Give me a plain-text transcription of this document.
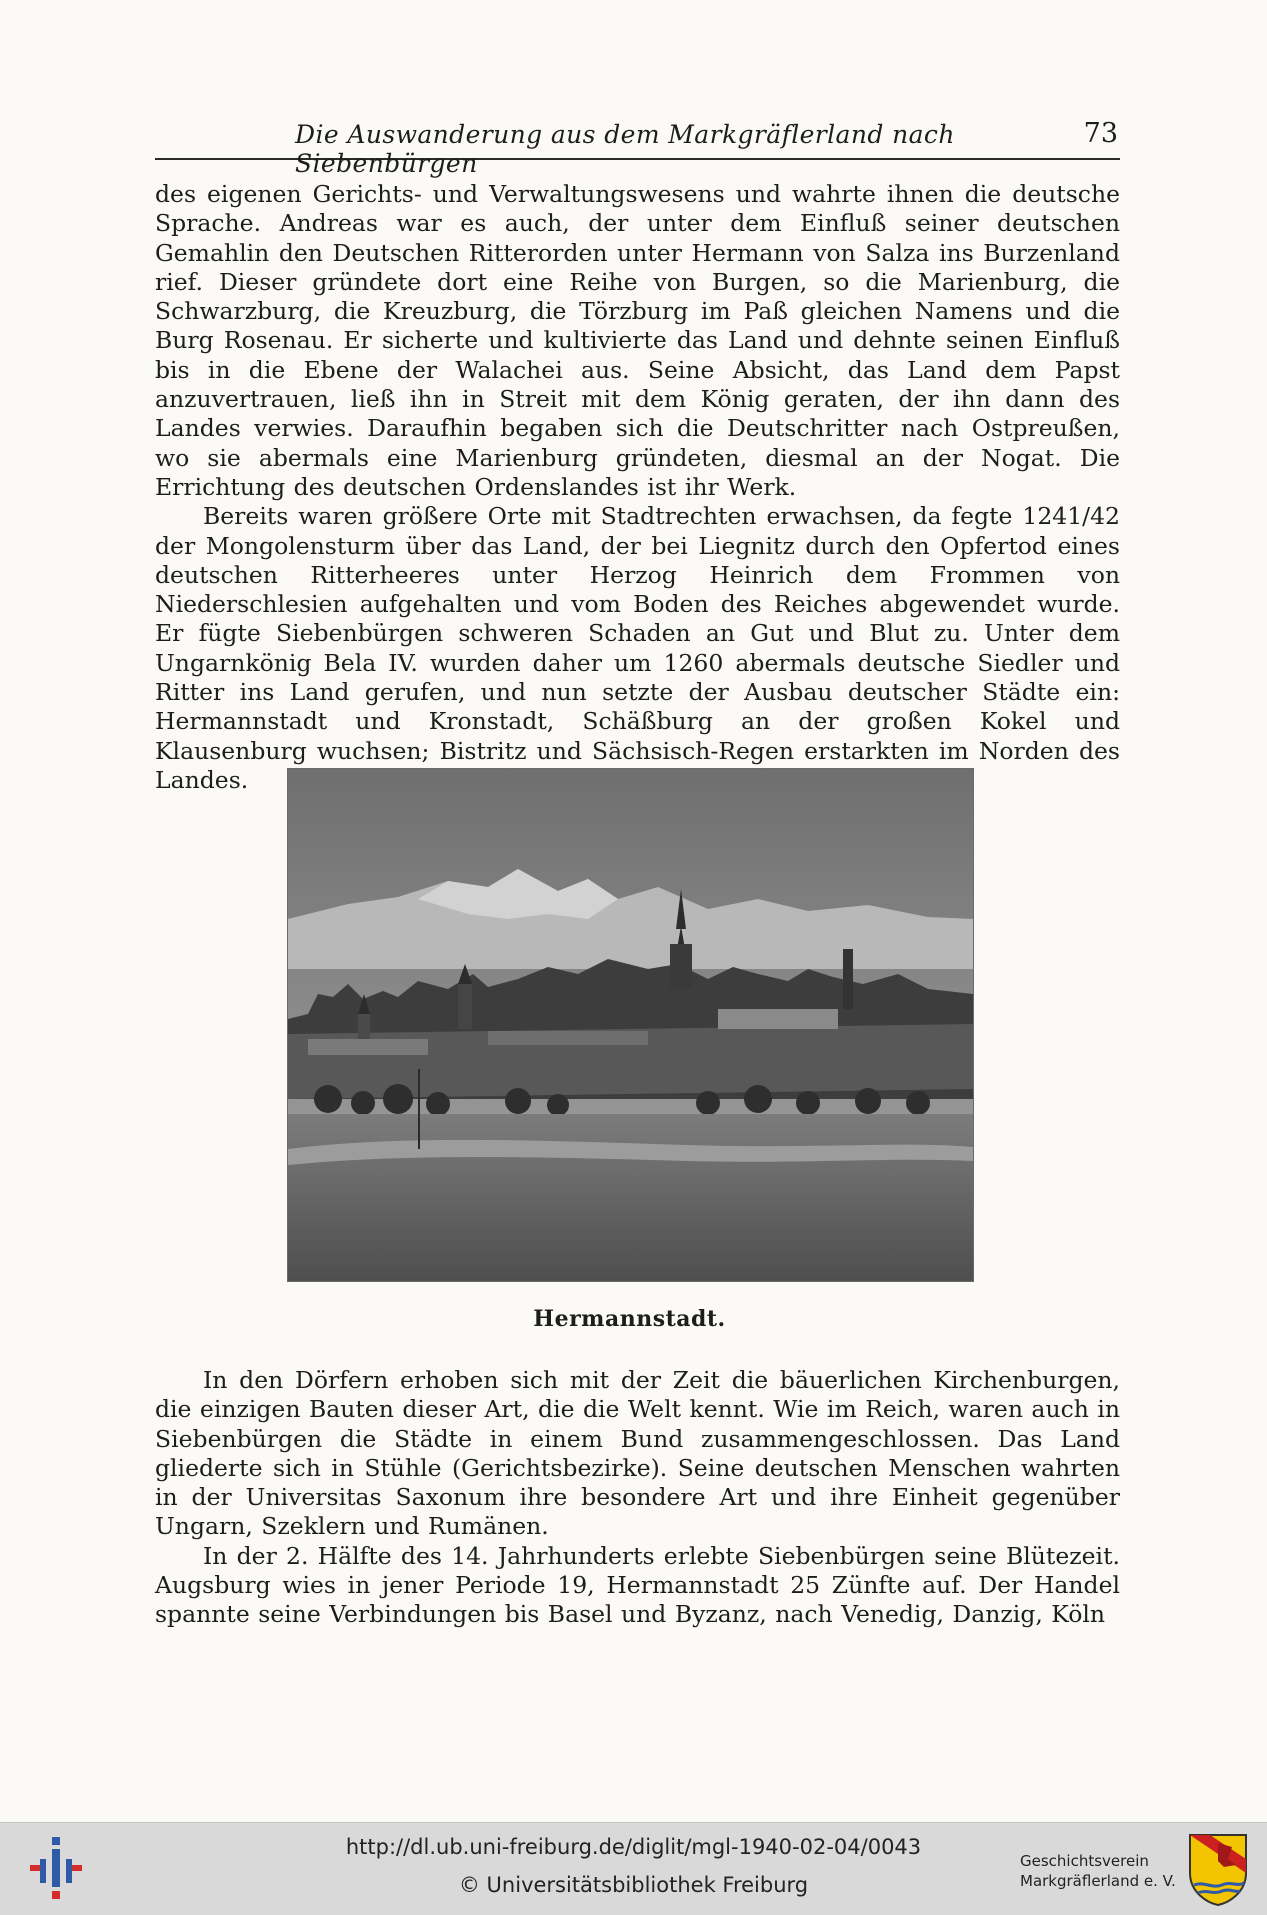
Die Auswanderung aus dem Markgräflerland nach Siebenbürgen
73

des eigenen Gerichts- und Verwaltungswesens und wahrte ihnen die deutsche Sprache. Andreas war es auch, der unter dem Einfluß seiner deutschen Gemahlin den Deutschen Ritterorden unter Hermann von Salza ins Burzenland rief. Dieser gründete dort eine Reihe von Burgen, so die Marienburg, die Schwarzburg, die Kreuzburg, die Törzburg im Paß gleichen Namens und die Burg Rosenau. Er sicherte und kultivierte das Land und dehnte seinen Einfluß bis in die Ebene der Walachei aus. Seine Absicht, das Land dem Papst anzuvertrauen, ließ ihn in Streit mit dem König geraten, der ihn dann des Landes verwies. Daraufhin begaben sich die Deutschritter nach Ostpreußen, wo sie abermals eine Marienburg gründeten, diesmal an der Nogat. Die Errichtung des deutschen Ordenslandes ist ihr Werk.

Bereits waren größere Orte mit Stadtrechten erwachsen, da fegte 1241/42 der Mongolensturm über das Land, der bei Liegnitz durch den Opfertod eines deutschen Ritterheeres unter Herzog Heinrich dem Frommen von Niederschlesien aufgehalten und vom Boden des Reiches abgewendet wurde. Er fügte Siebenbürgen schweren Schaden an Gut und Blut zu. Unter dem Ungarnkönig Bela IV. wurden daher um 1260 abermals deutsche Siedler und Ritter ins Land gerufen, und nun setzte der Ausbau deutscher Städte ein: Hermannstadt und Kronstadt, Schäßburg an der großen Kokel und Klausenburg wuchsen; Bistritz und Sächsisch-Regen erstarkten im Norden des Landes.

Hermannstadt.

In den Dörfern erhoben sich mit der Zeit die bäuerlichen Kirchenburgen, die einzigen Bauten dieser Art, die die Welt kennt. Wie im Reich, waren auch in Siebenbürgen die Städte in einem Bund zusammengeschlossen. Das Land gliederte sich in Stühle (Gerichtsbezirke). Seine deutschen Menschen wahrten in der Universitas Saxonum ihre besondere Art und ihre Einheit gegenüber Ungarn, Szeklern und Rumänen.

In der 2. Hälfte des 14. Jahrhunderts erlebte Siebenbürgen seine Blütezeit. Augsburg wies in jener Periode 19, Hermannstadt 25 Zünfte auf. Der Handel spannte seine Verbindungen bis Basel und Byzanz, nach Venedig, Danzig, Köln

http://dl.ub.uni-freiburg.de/diglit/mgl-1940-02-04/0043
© Universitätsbibliothek Freiburg
Geschichtsverein
Markgräflerland e. V.
